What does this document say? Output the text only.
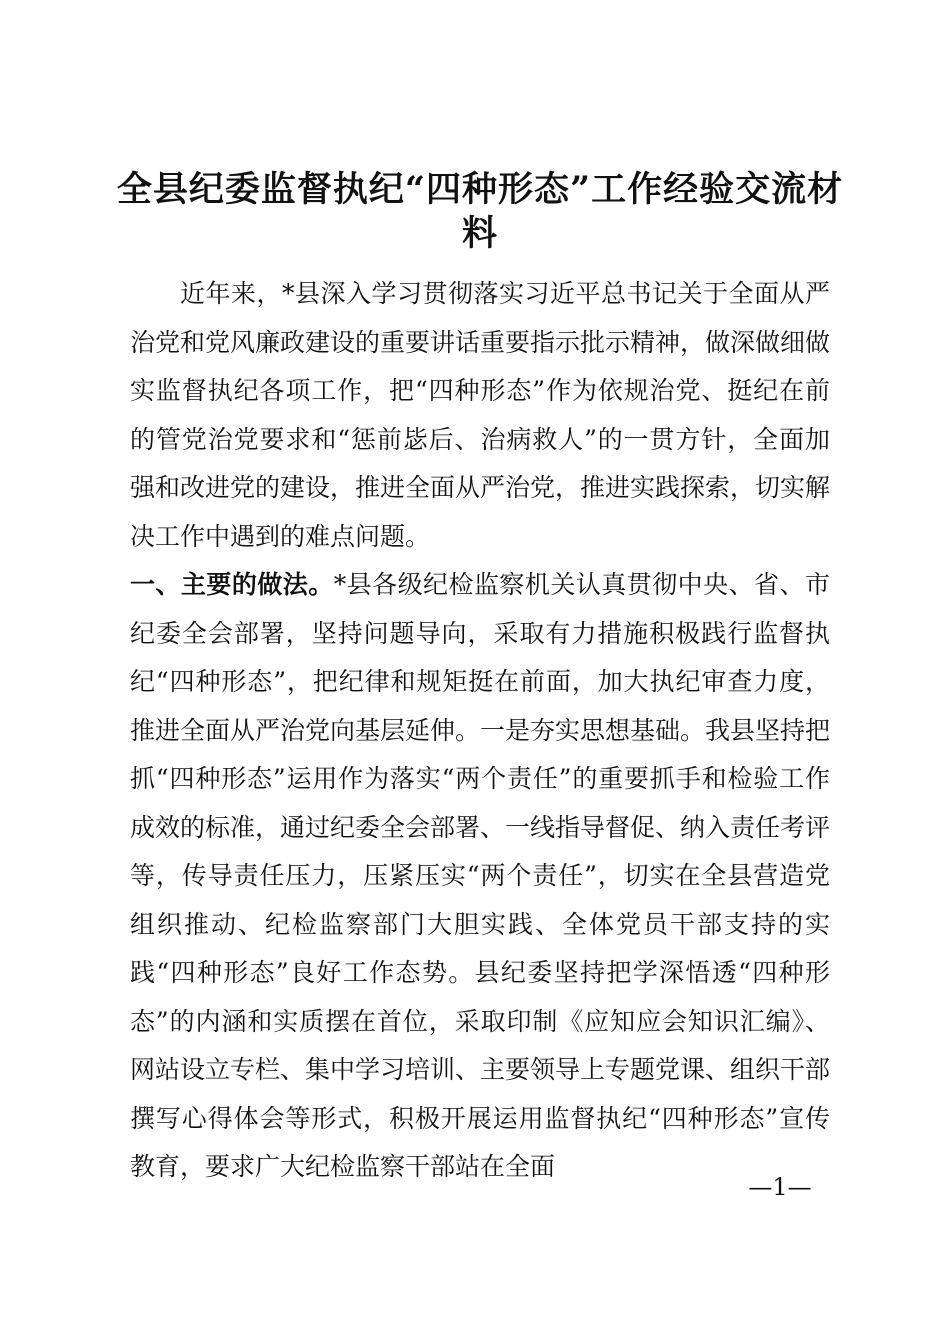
全县纪委监督执纪“四种形态”工作经验交流材料

近年来，*县深入学习贯彻落实习近平总书记关于全面从严治党和党风廉政建设的重要讲话重要指示批示精神，做深做细做实监督执纪各项工作，把“四种形态”作为依规治党、挺纪在前的管党治党要求和“惩前毖后、治病救人”的一贯方针，全面加强和改进党的建设，推进全面从严治党，推进实践探索，切实解决工作中遇到的难点问题。

一、主要的做法。*县各级纪检监察机关认真贯彻中央、省、市纪委全会部署，坚持问题导向，采取有力措施积极践行监督执纪“四种形态”，把纪律和规矩挺在前面，加大执纪审查力度，推进全面从严治党向基层延伸。一是夯实思想基础。我县坚持把抓“四种形态”运用作为落实“两个责任”的重要抓手和检验工作成效的标准，通过纪委全会部署、一线指导督促、纳入责任考评等，传导责任压力，压紧压实“两个责任”，切实在全县营造党组织推动、纪检监察部门大胆实践、全体党员干部支持的实践“四种形态”良好工作态势。县纪委坚持把学深悟透“四种形态”的内涵和实质摆在首位，采取印制《应知应会知识汇编》、网站设立专栏、集中学习培训、主要领导上专题党课、组织干部撰写心得体会等形式，积极开展运用监督执纪“四种形态”宣传教育，要求广大纪检监察干部站在全面

—1—
